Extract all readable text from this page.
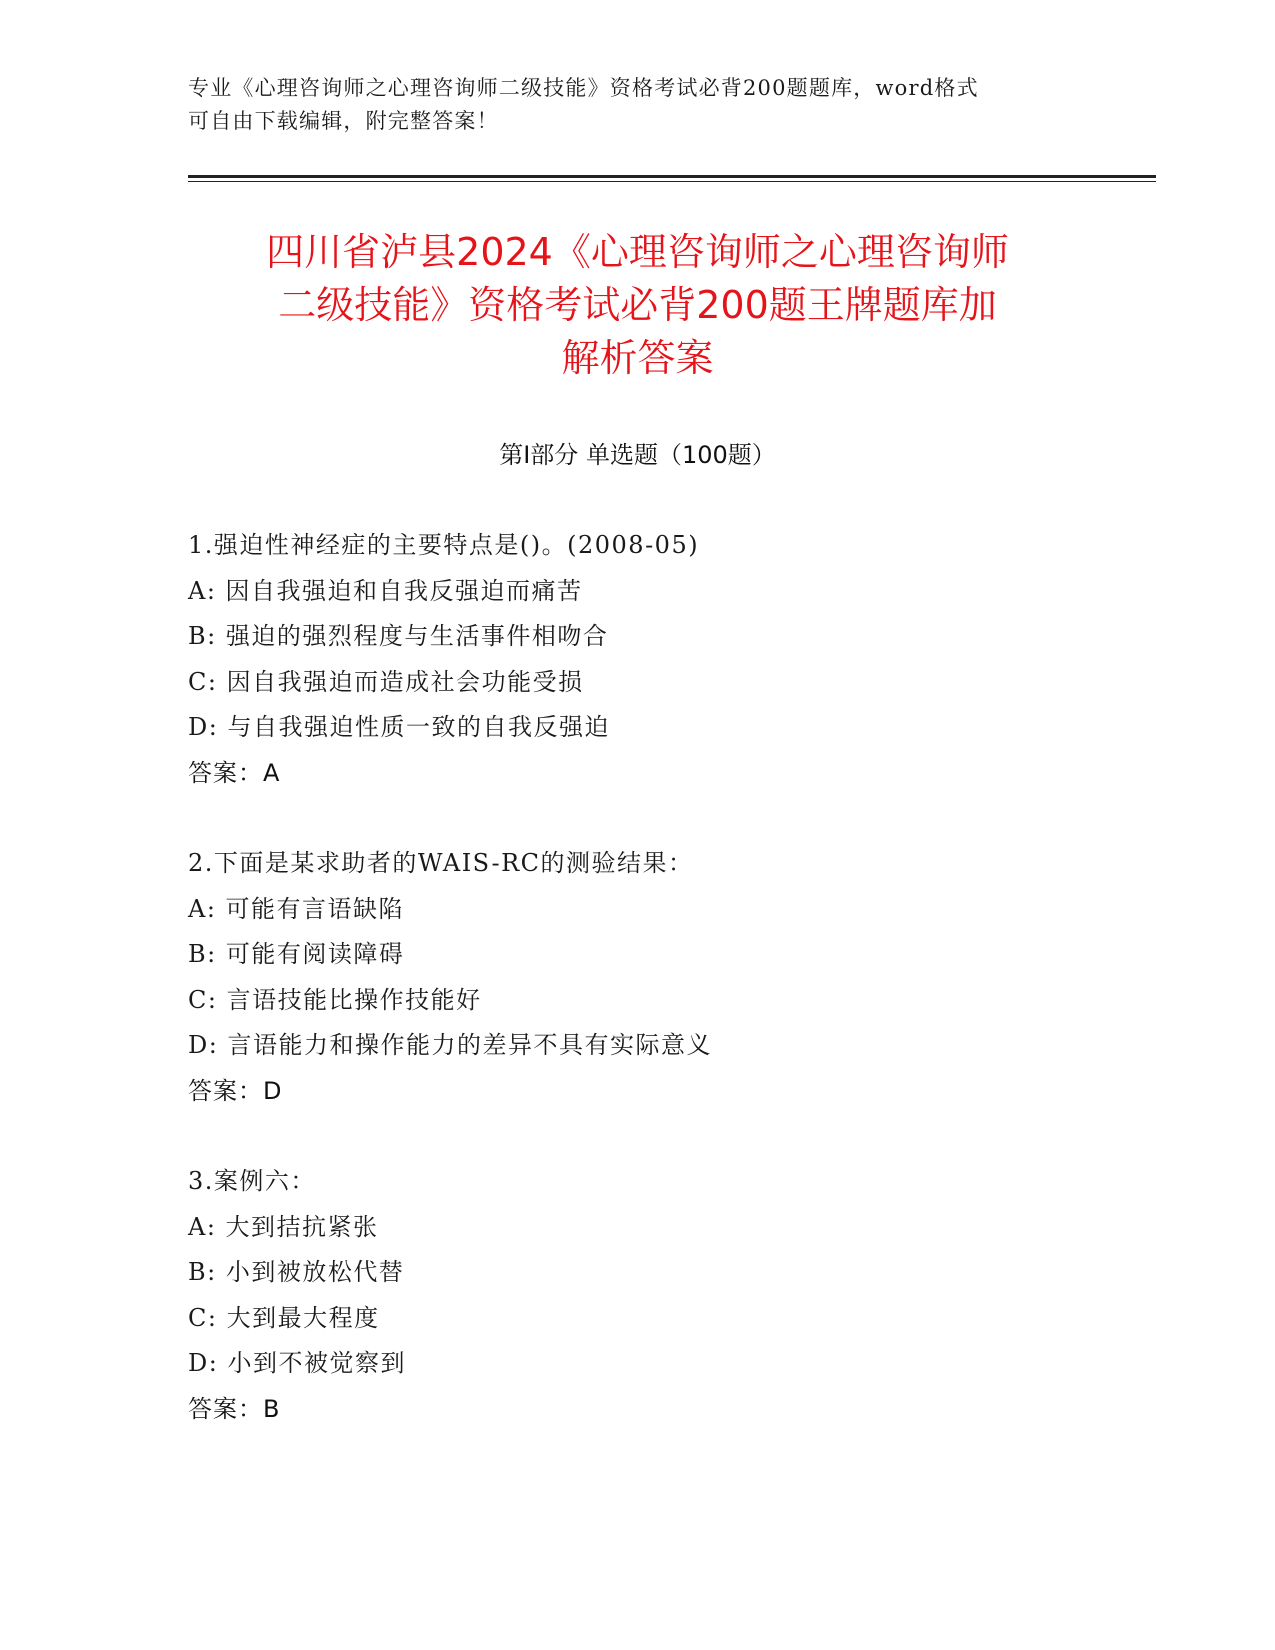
专业《心理咨询师之心理咨询师二级技能》资格考试必背200题题库，word格式
可自由下载编辑，附完整答案！
四川省泸县2024《心理咨询师之心理咨询师
二级技能》资格考试必背200题王牌题库加
解析答案
第Ⅰ部分 单选题（100题）
1.强迫性神经症的主要特点是()。(2008-05)
A: 因自我强迫和自我反强迫而痛苦
B: 强迫的强烈程度与生活事件相吻合
C: 因自我强迫而造成社会功能受损
D: 与自我强迫性质一致的自我反强迫
答案：A
2.下面是某求助者的WAIS-RC的测验结果：
A: 可能有言语缺陷
B: 可能有阅读障碍
C: 言语技能比操作技能好
D: 言语能力和操作能力的差异不具有实际意义
答案：D
3.案例六：
A: 大到拮抗紧张
B: 小到被放松代替
C: 大到最大程度
D: 小到不被觉察到
答案：B
